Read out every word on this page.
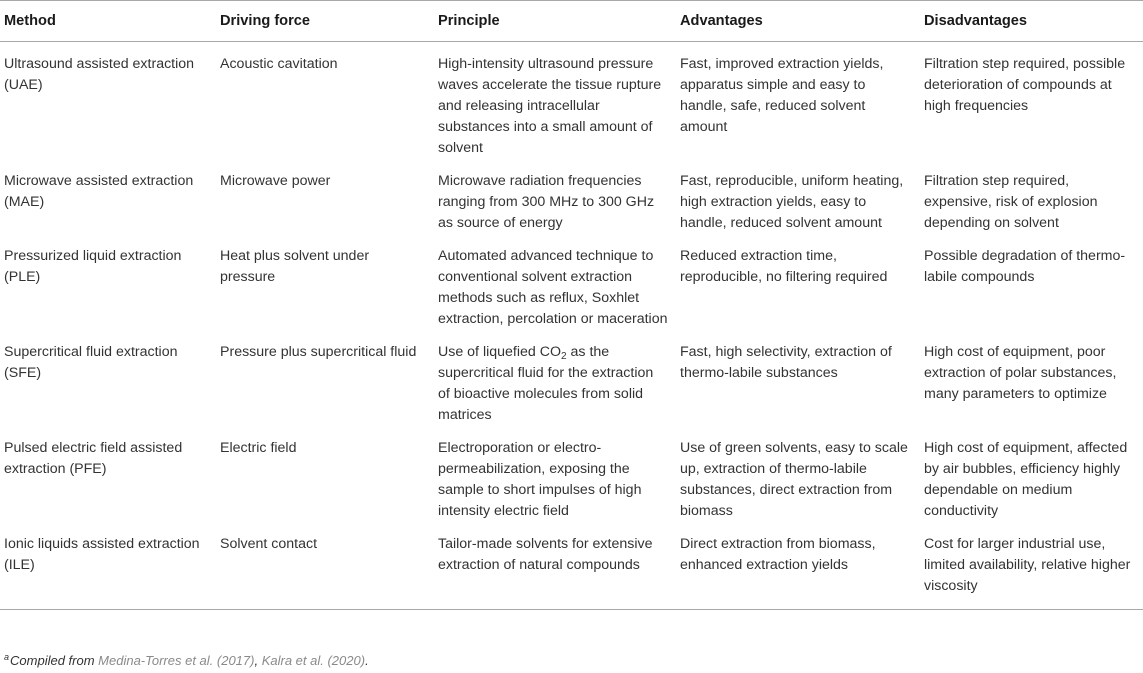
Method	Driving force	Principle	Advantages	Disadvantages
Ultrasound assisted extraction (UAE)	Acoustic cavitation	High-intensity ultrasound pressure waves accelerate the tissue rupture and releasing intracellular substances into a small amount of solvent	Fast, improved extraction yields, apparatus simple and easy to handle, safe, reduced solvent amount	Filtration step required, possible deterioration of compounds at high frequencies
Microwave assisted extraction (MAE)	Microwave power	Microwave radiation frequencies ranging from 300 MHz to 300 GHz as source of energy	Fast, reproducible, uniform heating, high extraction yields, easy to handle, reduced solvent amount	Filtration step required, expensive, risk of explosion depending on solvent
Pressurized liquid extraction (PLE)	Heat plus solvent under pressure	Automated advanced technique to conventional solvent extraction methods such as reflux, Soxhlet extraction, percolation or maceration	Reduced extraction time, reproducible, no filtering required	Possible degradation of thermo-labile compounds
Supercritical fluid extraction (SFE)	Pressure plus supercritical fluid	Use of liquefied $CO_2$ as the supercritical fluid for the extraction of bioactive molecules from solid matrices	Fast, high selectivity, extraction of thermo-labile substances	High cost of equipment, poor extraction of polar substances, many parameters to optimize
Pulsed electric field assisted extraction (PFE)	Electric field	Electroporation or electro-permeabilization, exposing the sample to short impulses of high intensity electric field	Use of green solvents, easy to scale up, extraction of thermo-labile substances, direct extraction from biomass	High cost of equipment, affected by air bubbles, efficiency highly dependable on medium conductivity
Ionic liquids assisted extraction (ILE)	Solvent contact	Tailor-made solvents for extensive extraction of natural compounds	Direct extraction from biomass, enhanced extraction yields	Cost for larger industrial use, limited availability, relative higher viscosity
$^a$Compiled from Medina-Torres et al. (2017), Kalra et al. (2020).
